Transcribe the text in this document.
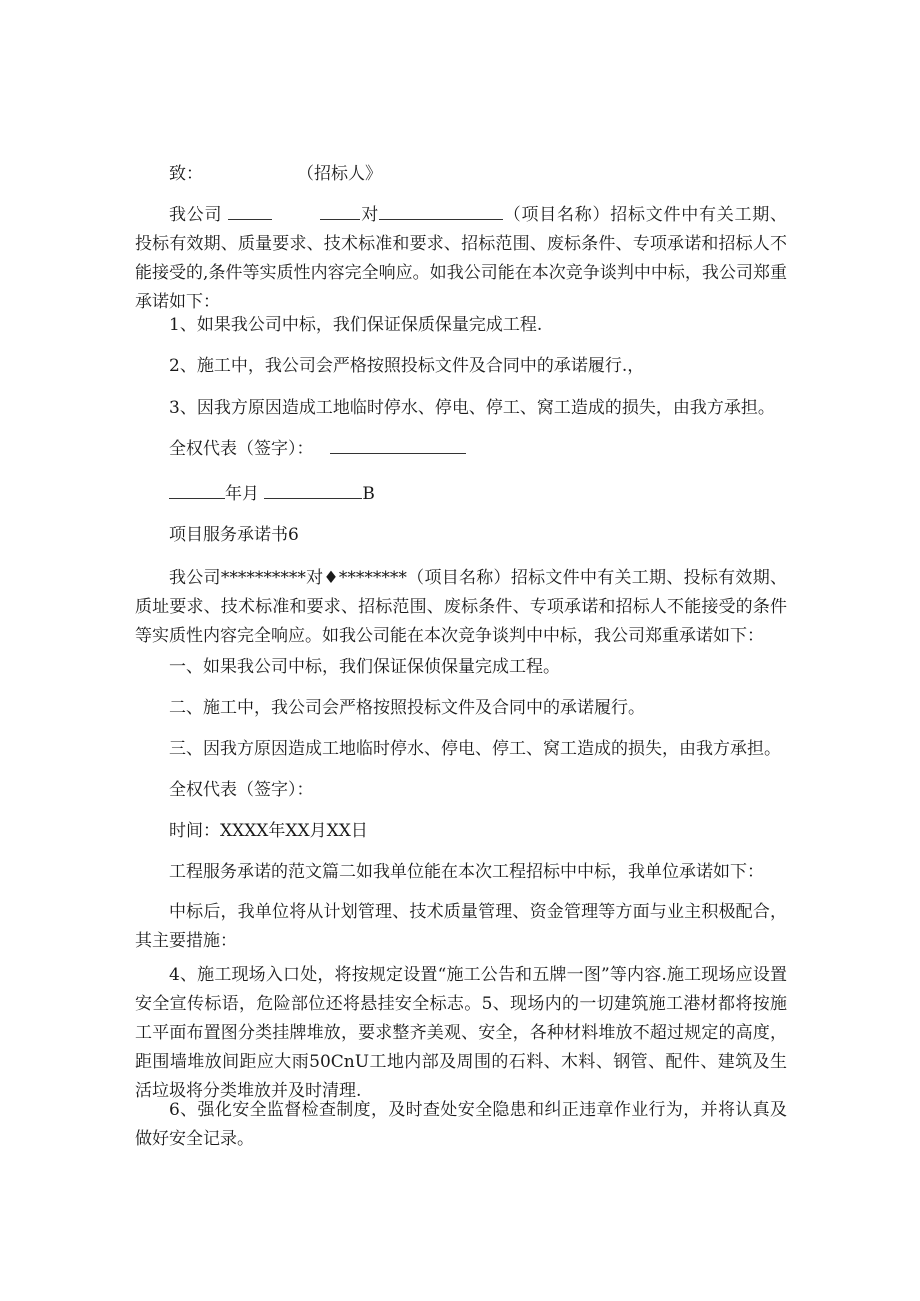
致：	（招标人》

我公司	对	（项目名称）招标文件中有关工期、投标有效期、质量要求、技术标准和要求、招标范围、废标条件、专项承诺和招标人不能接受的,条件等实质性内容完全响应。如我公司能在本次竞争谈判中中标，我公司郑重承诺如下：

1、如果我公司中标，我们保证保质保量完成工程.

2、施工中，我公司会严格按照投标文件及合同中的承诺履行.，

3、因我方原因造成工地临时停水、停电、停工、窝工造成的损失，由我方承担。

全权代表（签字）：

年月	B

项目服务承诺书6

我公司**********对♦********（项目名称）招标文件中有关工期、投标有效期、质址要求、技术标准和要求、招标范围、废标条件、专项承诺和招标人不能接受的条件等实质性内容完全响应。如我公司能在本次竞争谈判中中标，我公司郑重承诺如下：

一、如果我公司中标，我们保证保侦保量完成工程。

二、施工中，我公司会严格按照投标文件及合同中的承诺履行。

三、因我方原因造成工地临时停水、停电、停工、窝工造成的损失，由我方承担。

全权代表（签字）：

时间：XXXX年XX月XX日

工程服务承诺的范文篇二如我单位能在本次工程招标中中标，我单位承诺如下：

中标后，我单位将从计划管理、技术质量管理、资金管理等方面与业主积极配合，其主要措施：

4、施工现场入口处，将按规定设置“施工公告和五牌一图”等内容.施工现场应设置安全宣传标语，危险部位还将悬挂安全标志。5、现场内的一切建筑施工港材都将按施工平面布置图分类挂牌堆放，要求整齐美观、安全，各种材料堆放不超过规定的高度，距围墙堆放间距应大雨50CnU工地内部及周围的石料、木料、钢管、配件、建筑及生活垃圾将分类堆放并及时清理.

6、强化安全监督检查制度，及时查处安全隐患和纠正违章作业行为，并将认真及做好安全记录。
